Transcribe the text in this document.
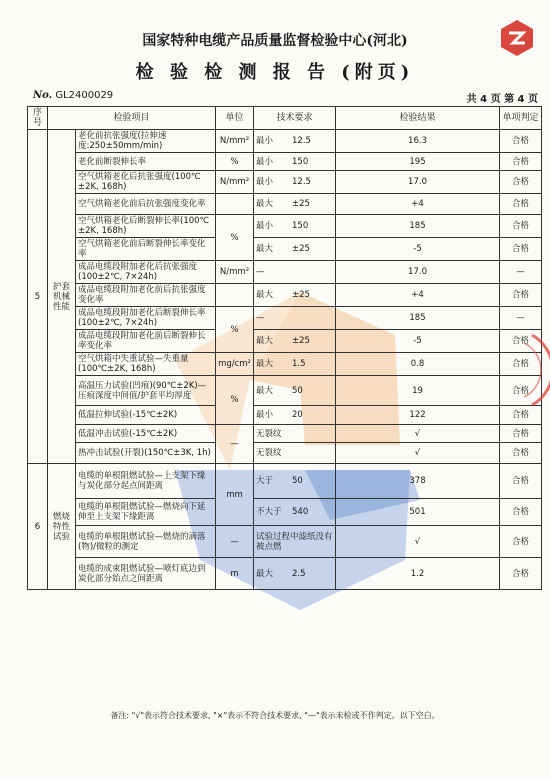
国家特种电缆产品质量监督检验中心(河北)
检 验 检 测 报 告 (附页)
No. GL2400029	共 4 页 第 4 页
序号	检验项目		单位	技术要求	检验结果	单项判定
5	护套机械性能	老化前抗张强度(拉伸速度:250±50mm/min)	N/mm²	最小 12.5	16.3	合格
		老化前断裂伸长率	%	最小 150	195	合格
		空气烘箱老化后抗张强度(100℃±2K, 168h)	N/mm²	最小 12.5	17.0	合格
		空气烘箱老化前后抗张强度变化率		最大 ±25	+4	合格
		空气烘箱老化后断裂伸长率(100℃±2K, 168h)	%	最小 150	185	合格
		空气烘箱老化前后断裂伸长率变化率		最大 ±25	-5	合格
		成品电缆段附加老化后抗张强度(100±2℃, 7×24h)	N/mm²	—	17.0	—
		成品电缆段附加老化前后抗张强度变化率		最大 ±25	+4	合格
		成品电缆段附加老化后断裂伸长率(100±2℃, 7×24h)	%	—	185	—
		成品电缆段附加老化前后断裂伸长率变化率		最大 ±25	-5	合格
		空气烘箱中失重试验—失重量(100℃±2K, 168h)	mg/cm²	最大 1.5	0.8	合格
		高温压力试验(凹痕)(90℃±2K)—压痕深度中间值/护套平均厚度	%	最大 50	19	合格
		低温拉伸试验(-15℃±2K)		最小 20	122	合格
		低温冲击试验(-15℃±2K)	—	无裂纹	√	合格
		热冲击试验(开裂)(150℃±3K, 1h)		无裂纹	√	合格
6	燃烧特性试验	电缆的单根阻燃试验—上支架下缘与炭化部分起点间距离	mm	大于 50	378	合格
		电缆的单根阻燃试验—燃烧向下延伸至上支架下缘距离		不大于 540	501	合格
		电缆的单根阻燃试验—燃烧的滴落(物)/微粒的测定	—	试验过程中滤纸没有被点燃	√	合格
		电缆的成束阻燃试验—喷灯底边到炭化部分始点之间距离	m	最大 2.5	1.2	合格
备注: "√"表示符合技术要求, "×"表示不符合技术要求, "—"表示未检或不作判定。以下空白。
